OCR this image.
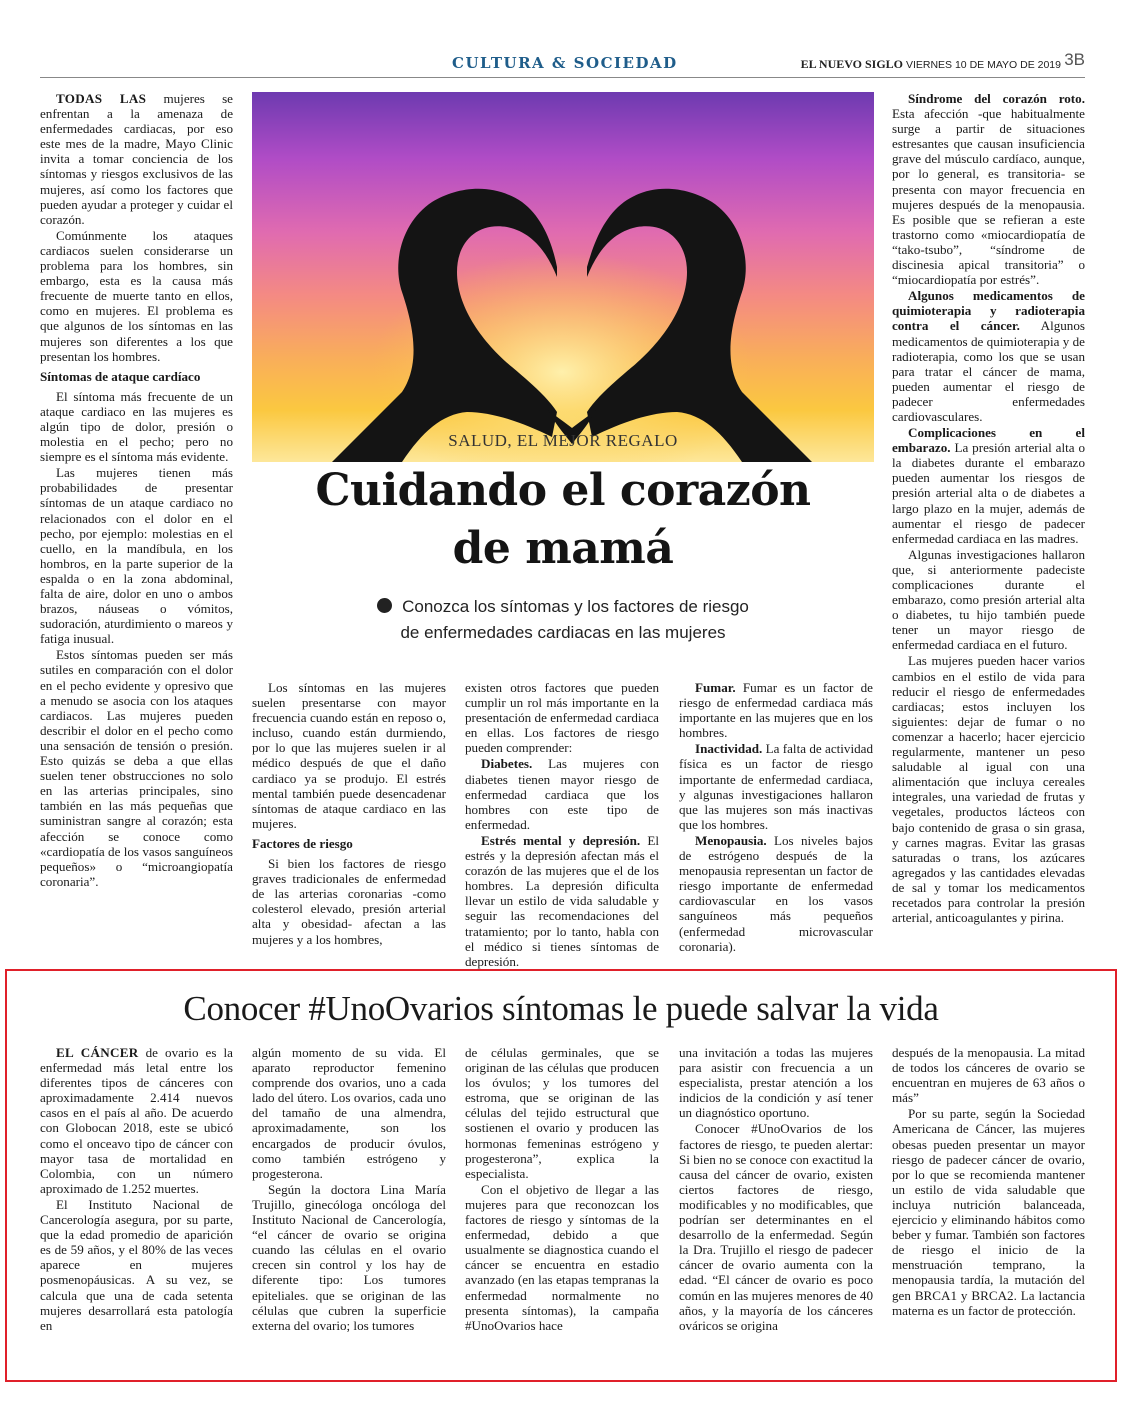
CULTURA & SOCIEDAD	EL NUEVO SIGLO VIERNES 10 DE MAYO DE 2019 3B

TODAS LAS mujeres se enfrentan a la amenaza de enfermedades cardiacas, por eso este mes de la madre, Mayo Clinic invita a tomar conciencia de los síntomas y riesgos exclusivos de las mujeres, así como los factores que pueden ayudar a proteger y cuidar el corazón.

Comúnmente los ataques cardiacos suelen considerarse un problema para los hombres, sin embargo, esta es la causa más frecuente de muerte tanto en ellos, como en mujeres. El problema es que algunos de los síntomas en las mujeres son diferentes a los que presentan los hombres.

Síntomas de ataque cardíaco

El síntoma más frecuente de un ataque cardiaco en las mujeres es algún tipo de dolor, presión o molestia en el pecho; pero no siempre es el síntoma más evidente.

Las mujeres tienen más probabilidades de presentar síntomas de un ataque cardiaco no relacionados con el dolor en el pecho, por ejemplo: molestias en el cuello, en la mandíbula, en los hombros, en la parte superior de la espalda o en la zona abdominal, falta de aire, dolor en uno o ambos brazos, náuseas o vómitos, sudoración, aturdimiento o mareos y fatiga inusual.

Estos síntomas pueden ser más sutiles en comparación con el dolor en el pecho evidente y opresivo que a menudo se asocia con los ataques cardiacos. Las mujeres pueden describir el dolor en el pecho como una sensación de tensión o presión. Esto quizás se deba a que ellas suelen tener obstrucciones no solo en las arterias principales, sino también en las más pequeñas que suministran sangre al corazón; esta afección se conoce como «cardiopatía de los vasos sanguíneos pequeños» o “microangiopatía coronaria”.

SALUD, EL MEJOR REGALO
Cuidando el corazón
de mamá
Conozca los síntomas y los factores de riesgo
de enfermedades cardiacas en las mujeres

Los síntomas en las mujeres suelen presentarse con mayor frecuencia cuando están en reposo o, incluso, cuando están durmiendo, por lo que las mujeres suelen ir al médico después de que el daño cardiaco ya se produjo. El estrés mental también puede desencadenar síntomas de ataque cardiaco en las mujeres.

Factores de riesgo

Si bien los factores de riesgo graves tradicionales de enfermedad de las arterias coronarias -como colesterol elevado, presión arterial alta y obesidad- afectan a las mujeres y a los hombres,

existen otros factores que pueden cumplir un rol más importante en la presentación de enfermedad cardiaca en ellas. Los factores de riesgo pueden comprender:

Diabetes. Las mujeres con diabetes tienen mayor riesgo de enfermedad cardiaca que los hombres con este tipo de enfermedad.

Estrés mental y depresión. El estrés y la depresión afectan más el corazón de las mujeres que el de los hombres. La depresión dificulta llevar un estilo de vida saludable y seguir las recomendaciones del tratamiento; por lo tanto, habla con el médico si tienes síntomas de depresión.

Fumar. Fumar es un factor de riesgo de enfermedad cardiaca más importante en las mujeres que en los hombres.

Inactividad. La falta de actividad física es un factor de riesgo importante de enfermedad cardiaca, y algunas investigaciones hallaron que las mujeres son más inactivas que los hombres.

Menopausia. Los niveles bajos de estrógeno después de la menopausia representan un factor de riesgo importante de enfermedad cardiovascular en los vasos sanguíneos más pequeños (enfermedad microvascular coronaria).

Síndrome del corazón roto. Esta afección -que habitualmente surge a partir de situaciones estresantes que causan insuficiencia grave del músculo cardíaco, aunque, por lo general, es transitoria- se presenta con mayor frecuencia en mujeres después de la menopausia. Es posible que se refieran a este trastorno como «miocardiopatía de “tako-tsubo”, “síndrome de discinesia apical transitoria” o “miocardiopatía por estrés”.

Algunos medicamentos de quimioterapia y radioterapia contra el cáncer. Algunos medicamentos de quimioterapia y de radioterapia, como los que se usan para tratar el cáncer de mama, pueden aumentar el riesgo de padecer enfermedades cardiovasculares.

Complicaciones en el embarazo. La presión arterial alta o la diabetes durante el embarazo pueden aumentar los riesgos de presión arterial alta o de diabetes a largo plazo en la mujer, además de aumentar el riesgo de padecer enfermedad cardiaca en las madres.

Algunas investigaciones hallaron que, si anteriormente padeciste complicaciones durante el embarazo, como presión arterial alta o diabetes, tu hijo también puede tener un mayor riesgo de enfermedad cardiaca en el futuro.

Las mujeres pueden hacer varios cambios en el estilo de vida para reducir el riesgo de enfermedades cardiacas; estos incluyen los siguientes: dejar de fumar o no comenzar a hacerlo; hacer ejercicio regularmente, mantener un peso saludable al igual con una alimentación que incluya cereales integrales, una variedad de frutas y vegetales, productos lácteos con bajo contenido de grasa o sin grasa, y carnes magras. Evitar las grasas saturadas o trans, los azúcares agregados y las cantidades elevadas de sal y tomar los medicamentos recetados para controlar la presión arterial, anticoagulantes y pirina.

Conocer #UnoOvarios síntomas le puede salvar la vida

EL CÁNCER de ovario es la enfermedad más letal entre los diferentes tipos de cánceres con aproximadamente 2.414 nuevos casos en el país al año. De acuerdo con Globocan 2018, este se ubicó como el onceavo tipo de cáncer con mayor tasa de mortalidad en Colombia, con un número aproximado de 1.252 muertes.

El Instituto Nacional de Cancerología asegura, por su parte, que la edad promedio de aparición es de 59 años, y el 80% de las veces aparece en mujeres posmenopáusicas. A su vez, se calcula que una de cada setenta mujeres desarrollará esta patología en

algún momento de su vida. El aparato reproductor femenino comprende dos ovarios, uno a cada lado del útero. Los ovarios, cada uno del tamaño de una almendra, aproximadamente, son los encargados de producir óvulos, como también estrógeno y progesterona.

Según la doctora Lina María Trujillo, ginecóloga oncóloga del Instituto Nacional de Cancerología, “el cáncer de ovario se origina cuando las células en el ovario crecen sin control y los hay de diferente tipo: Los tumores epiteliales. que se originan de las células que cubren la superficie externa del ovario; los tumores

de células germinales, que se originan de las células que producen los óvulos; y los tumores del estroma, que se originan de las células del tejido estructural que sostienen el ovario y producen las hormonas femeninas estrógeno y progesterona”, explica la especialista.

Con el objetivo de llegar a las mujeres para que reconozcan los factores de riesgo y síntomas de la enfermedad, debido a que usualmente se diagnostica cuando el cáncer se encuentra en estadio avanzado (en las etapas tempranas la enfermedad normalmente no presenta síntomas), la campaña #UnoOvarios hace

una invitación a todas las mujeres para asistir con frecuencia a un especialista, prestar atención a los indicios de la condición y así tener un diagnóstico oportuno.

Conocer #UnoOvarios de los factores de riesgo, te pueden alertar: Si bien no se conoce con exactitud la causa del cáncer de ovario, existen ciertos factores de riesgo, modificables y no modificables, que podrían ser determinantes en el desarrollo de la enfermedad. Según la Dra. Trujillo el riesgo de padecer cáncer de ovario aumenta con la edad. “El cáncer de ovario es poco común en las mujeres menores de 40 años, y la mayoría de los cánceres ováricos se origina

después de la menopausia. La mitad de todos los cánceres de ovario se encuentran en mujeres de 63 años o más”

Por su parte, según la Sociedad Americana de Cáncer, las mujeres obesas pueden presentar un mayor riesgo de padecer cáncer de ovario, por lo que se recomienda mantener un estilo de vida saludable que incluya nutrición balanceada, ejercicio y eliminando hábitos como beber y fumar. También son factores de riesgo el inicio de la menstruación temprano, la menopausia tardía, la mutación del gen BRCA1 y BRCA2. La lactancia materna es un factor de protección.
